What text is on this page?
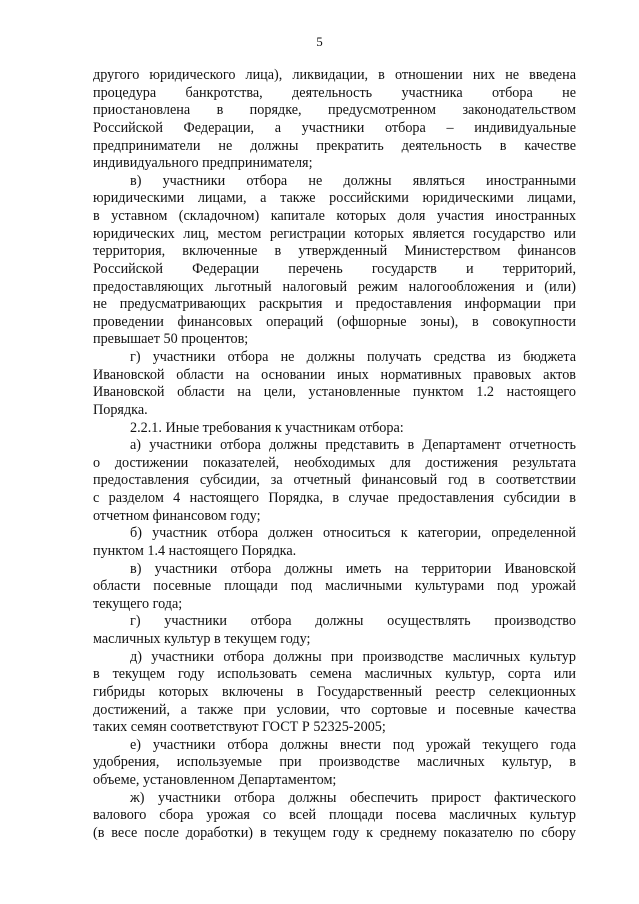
5
другого юридического лица), ликвидации, в отношении них не введена
процедура банкротства, деятельность участника отбора не
приостановлена в порядке, предусмотренном законодательством
Российской Федерации, а участники отбора – индивидуальные
предприниматели не должны прекратить деятельность в качестве
индивидуального предпринимателя;
в) участники отбора не должны являться иностранными
юридическими лицами, а также российскими юридическими лицами,
в уставном (складочном) капитале которых доля участия иностранных
юридических лиц, местом регистрации которых является государство или
территория, включенные в утвержденный Министерством финансов
Российской Федерации перечень государств и территорий,
предоставляющих льготный налоговый режим налогообложения и (или)
не предусматривающих раскрытия и предоставления информации при
проведении финансовых операций (офшорные зоны), в совокупности
превышает 50 процентов;
г) участники отбора не должны получать средства из бюджета
Ивановской области на основании иных нормативных правовых актов
Ивановской области на цели, установленные пунктом 1.2 настоящего
Порядка.
2.2.1. Иные требования к участникам отбора:
а) участники отбора должны представить в Департамент отчетность
о достижении показателей, необходимых для достижения результата
предоставления субсидии, за отчетный финансовый год в соответствии
с разделом 4 настоящего Порядка, в случае предоставления субсидии в
отчетном финансовом году;
б) участник отбора должен относиться к категории, определенной
пунктом 1.4 настоящего Порядка.
в) участники отбора должны иметь на территории Ивановской
области посевные площади под масличными культурами под урожай
текущего года;
г) участники отбора должны осуществлять производство
масличных культур в текущем году;
д) участники отбора должны при производстве масличных культур
в текущем году использовать семена масличных культур, сорта или
гибриды которых включены в Государственный реестр селекционных
достижений, а также при условии, что сортовые и посевные качества
таких семян соответствуют ГОСТ Р 52325-2005;
е) участники отбора должны внести под урожай текущего года
удобрения, используемые при производстве масличных культур, в
объеме, установленном Департаментом;
ж) участники отбора должны обеспечить прирост фактического
валового сбора урожая со всей площади посева масличных культур
(в весе после доработки) в текущем году к среднему показателю по сбору
